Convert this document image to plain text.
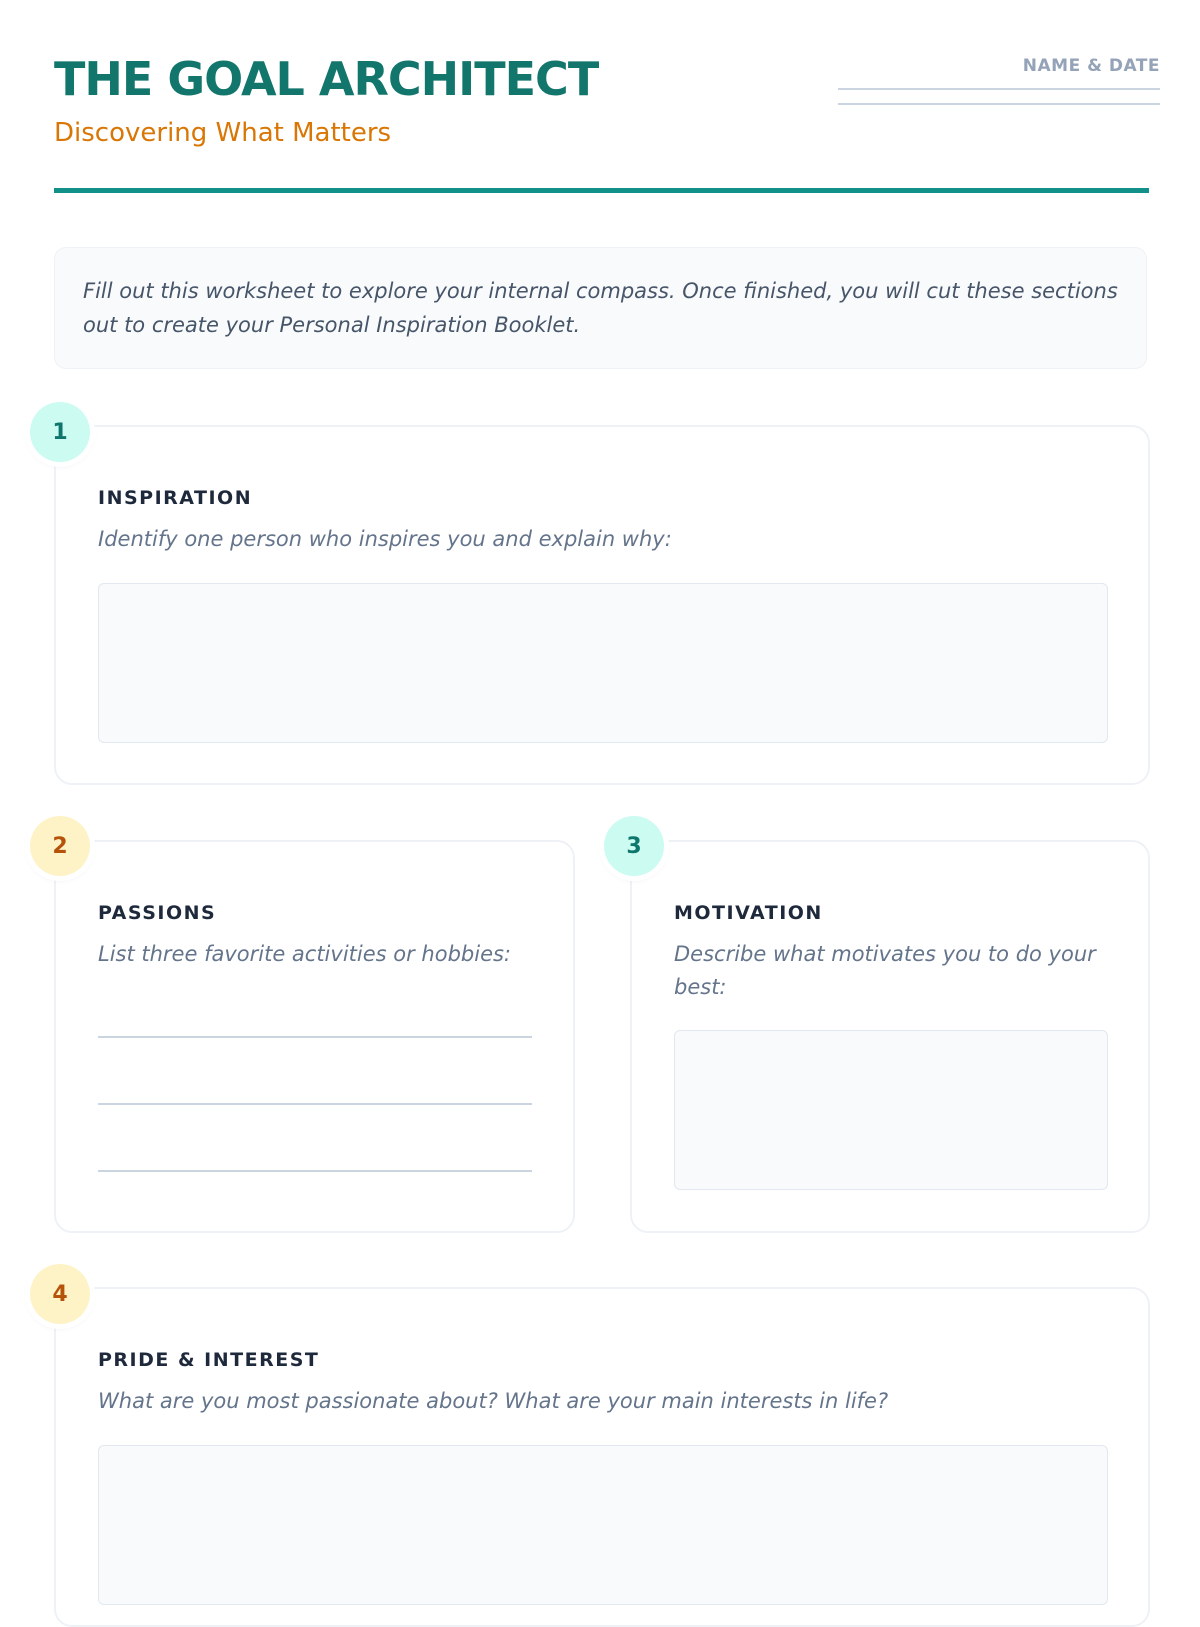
THE GOAL ARCHITECT
Discovering What Matters
NAME & DATE

Fill out this worksheet to explore your internal compass. Once finished, you will cut these sections out to create your Personal Inspiration Booklet.

INSPIRATION
Identify one person who inspires you and explain why:
1
PASSIONS
List three favorite activities or hobbies:
2
MOTIVATION
Describe what motivates you to do your best:
3
PRIDE & INTEREST
What are you most passionate about? What are your main interests in life?
4
